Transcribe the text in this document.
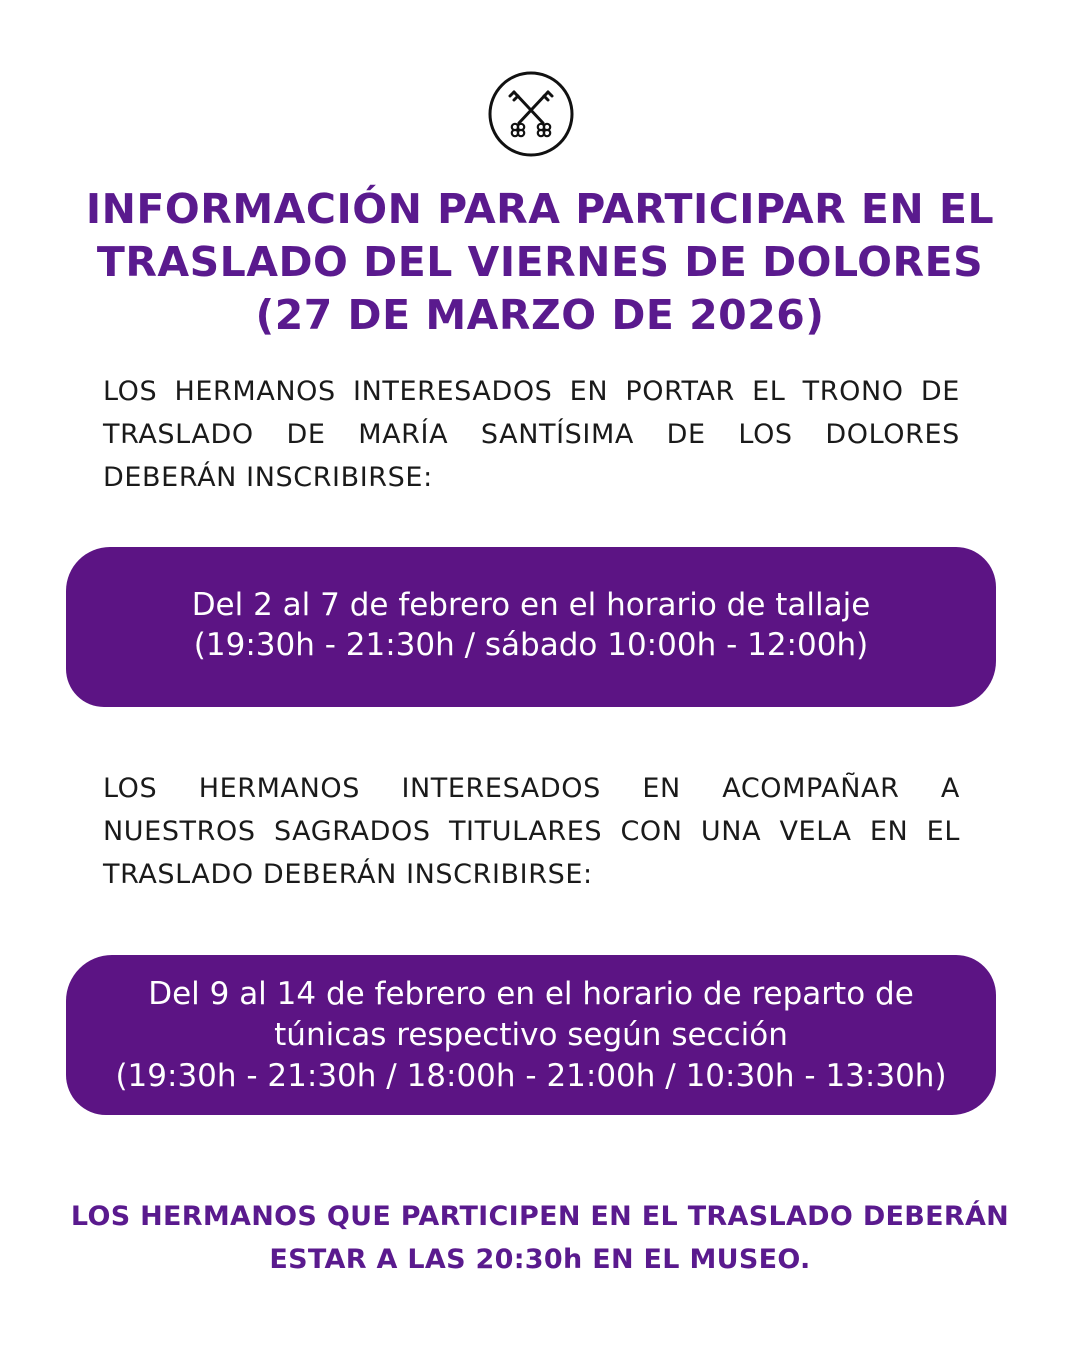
INFORMACIÓN PARA PARTICIPAR EN EL
TRASLADO DEL VIERNES DE DOLORES
(27 DE MARZO DE 2026)
LOS HERMANOS INTERESADOS EN PORTAR EL TRONO DE
TRASLADO DE MARÍA SANTÍSIMA DE LOS DOLORES
DEBERÁN INSCRIBIRSE:
Del 2 al 7 de febrero en el horario de tallaje
(19:30h - 21:30h / sábado 10:00h - 12:00h)
LOS HERMANOS INTERESADOS EN ACOMPAÑAR A
NUESTROS SAGRADOS TITULARES CON UNA VELA EN EL
TRASLADO DEBERÁN INSCRIBIRSE:
Del 9 al 14 de febrero en el horario de reparto de
túnicas respectivo según sección
(19:30h - 21:30h / 18:00h - 21:00h / 10:30h - 13:30h)
LOS HERMANOS QUE PARTICIPEN EN EL TRASLADO DEBERÁN
ESTAR A LAS 20:30h EN EL MUSEO.
